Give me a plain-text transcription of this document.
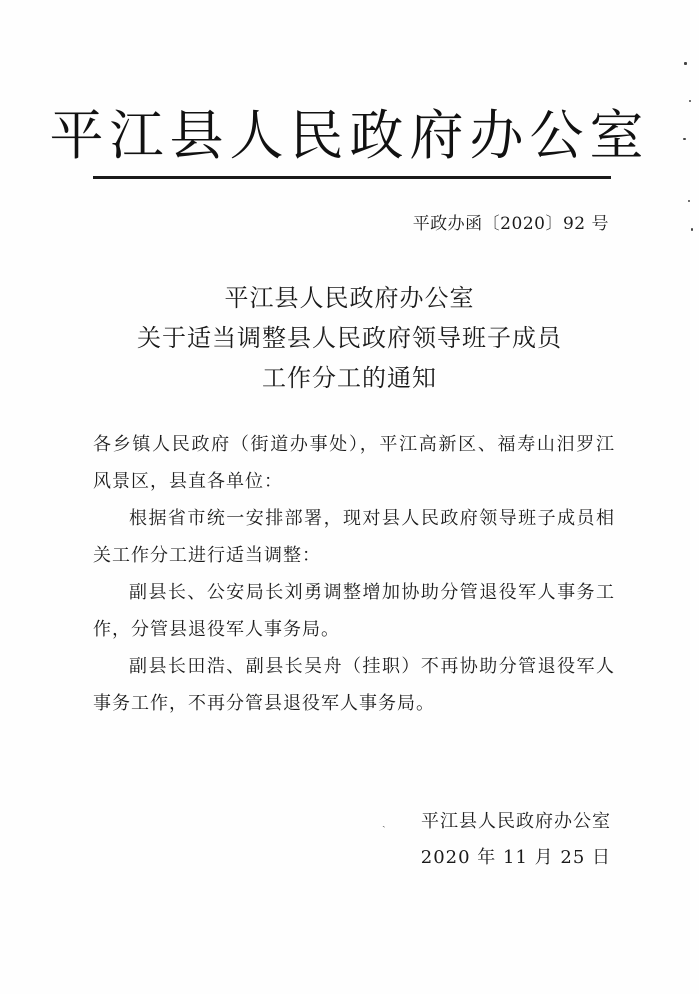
平江县人民政府办公室
平政办函〔2020〕92 号
平江县人民政府办公室
关于适当调整县人民政府领导班子成员
工作分工的通知

各乡镇人民政府（街道办事处），平江高新区、福寿山汨罗江风景区，县直各单位：

根据省市统一安排部署，现对县人民政府领导班子成员相关工作分工进行适当调整：

副县长、公安局长刘勇调整增加协助分管退役军人事务工作，分管县退役军人事务局。

副县长田浩、副县长吴舟（挂职）不再协助分管退役军人事务工作，不再分管县退役军人事务局。

ˎ 平江县人民政府办公室
2020 年 11 月 25 日
